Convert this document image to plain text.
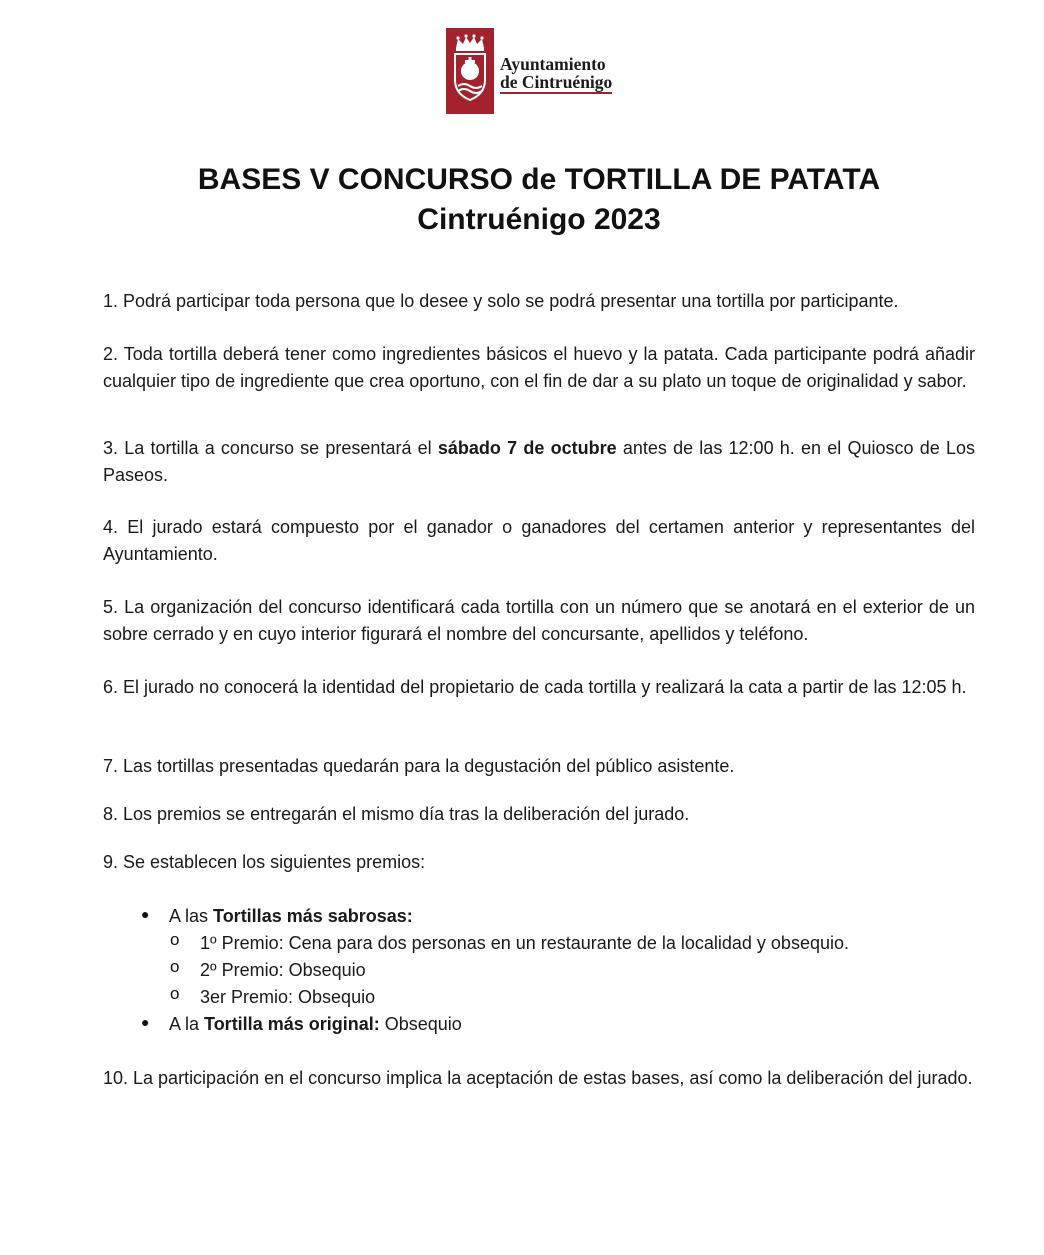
Ayuntamiento
de Cintruénigo
BASES V CONCURSO de TORTILLA DE PATATA
Cintruénigo 2023

1. Podrá participar toda persona que lo desee y solo se podrá presentar una tortilla por participante.

2. Toda tortilla deberá tener como ingredientes básicos el huevo y la patata. Cada participante podrá añadir cualquier tipo de ingrediente que crea oportuno, con el fin de dar a su plato un toque de originalidad y sabor.

3. La tortilla a concurso se presentará el sábado 7 de octubre antes de las 12:00 h. en el Quiosco de Los Paseos.

4. El jurado estará compuesto por el ganador o ganadores del certamen anterior y representantes del Ayuntamiento.

5. La organización del concurso identificará cada tortilla con un número que se anotará en el exterior de un sobre cerrado y en cuyo interior figurará el nombre del concursante, apellidos y teléfono.

6. El jurado no conocerá la identidad del propietario de cada tortilla y realizará la cata a partir de las 12:05 h.

7. Las tortillas presentadas quedarán para la degustación del público asistente.

8. Los premios se entregarán el mismo día tras la deliberación del jurado.

9. Se establecen los siguientes premios:

● A las Tortillas más sabrosas:
o 1º Premio: Cena para dos personas en un restaurante de la localidad y obsequio.
o 2º Premio: Obsequio
o 3er Premio: Obsequio
● A la Tortilla más original: Obsequio

10. La participación en el concurso implica la aceptación de estas bases, así como la deliberación del jurado.
